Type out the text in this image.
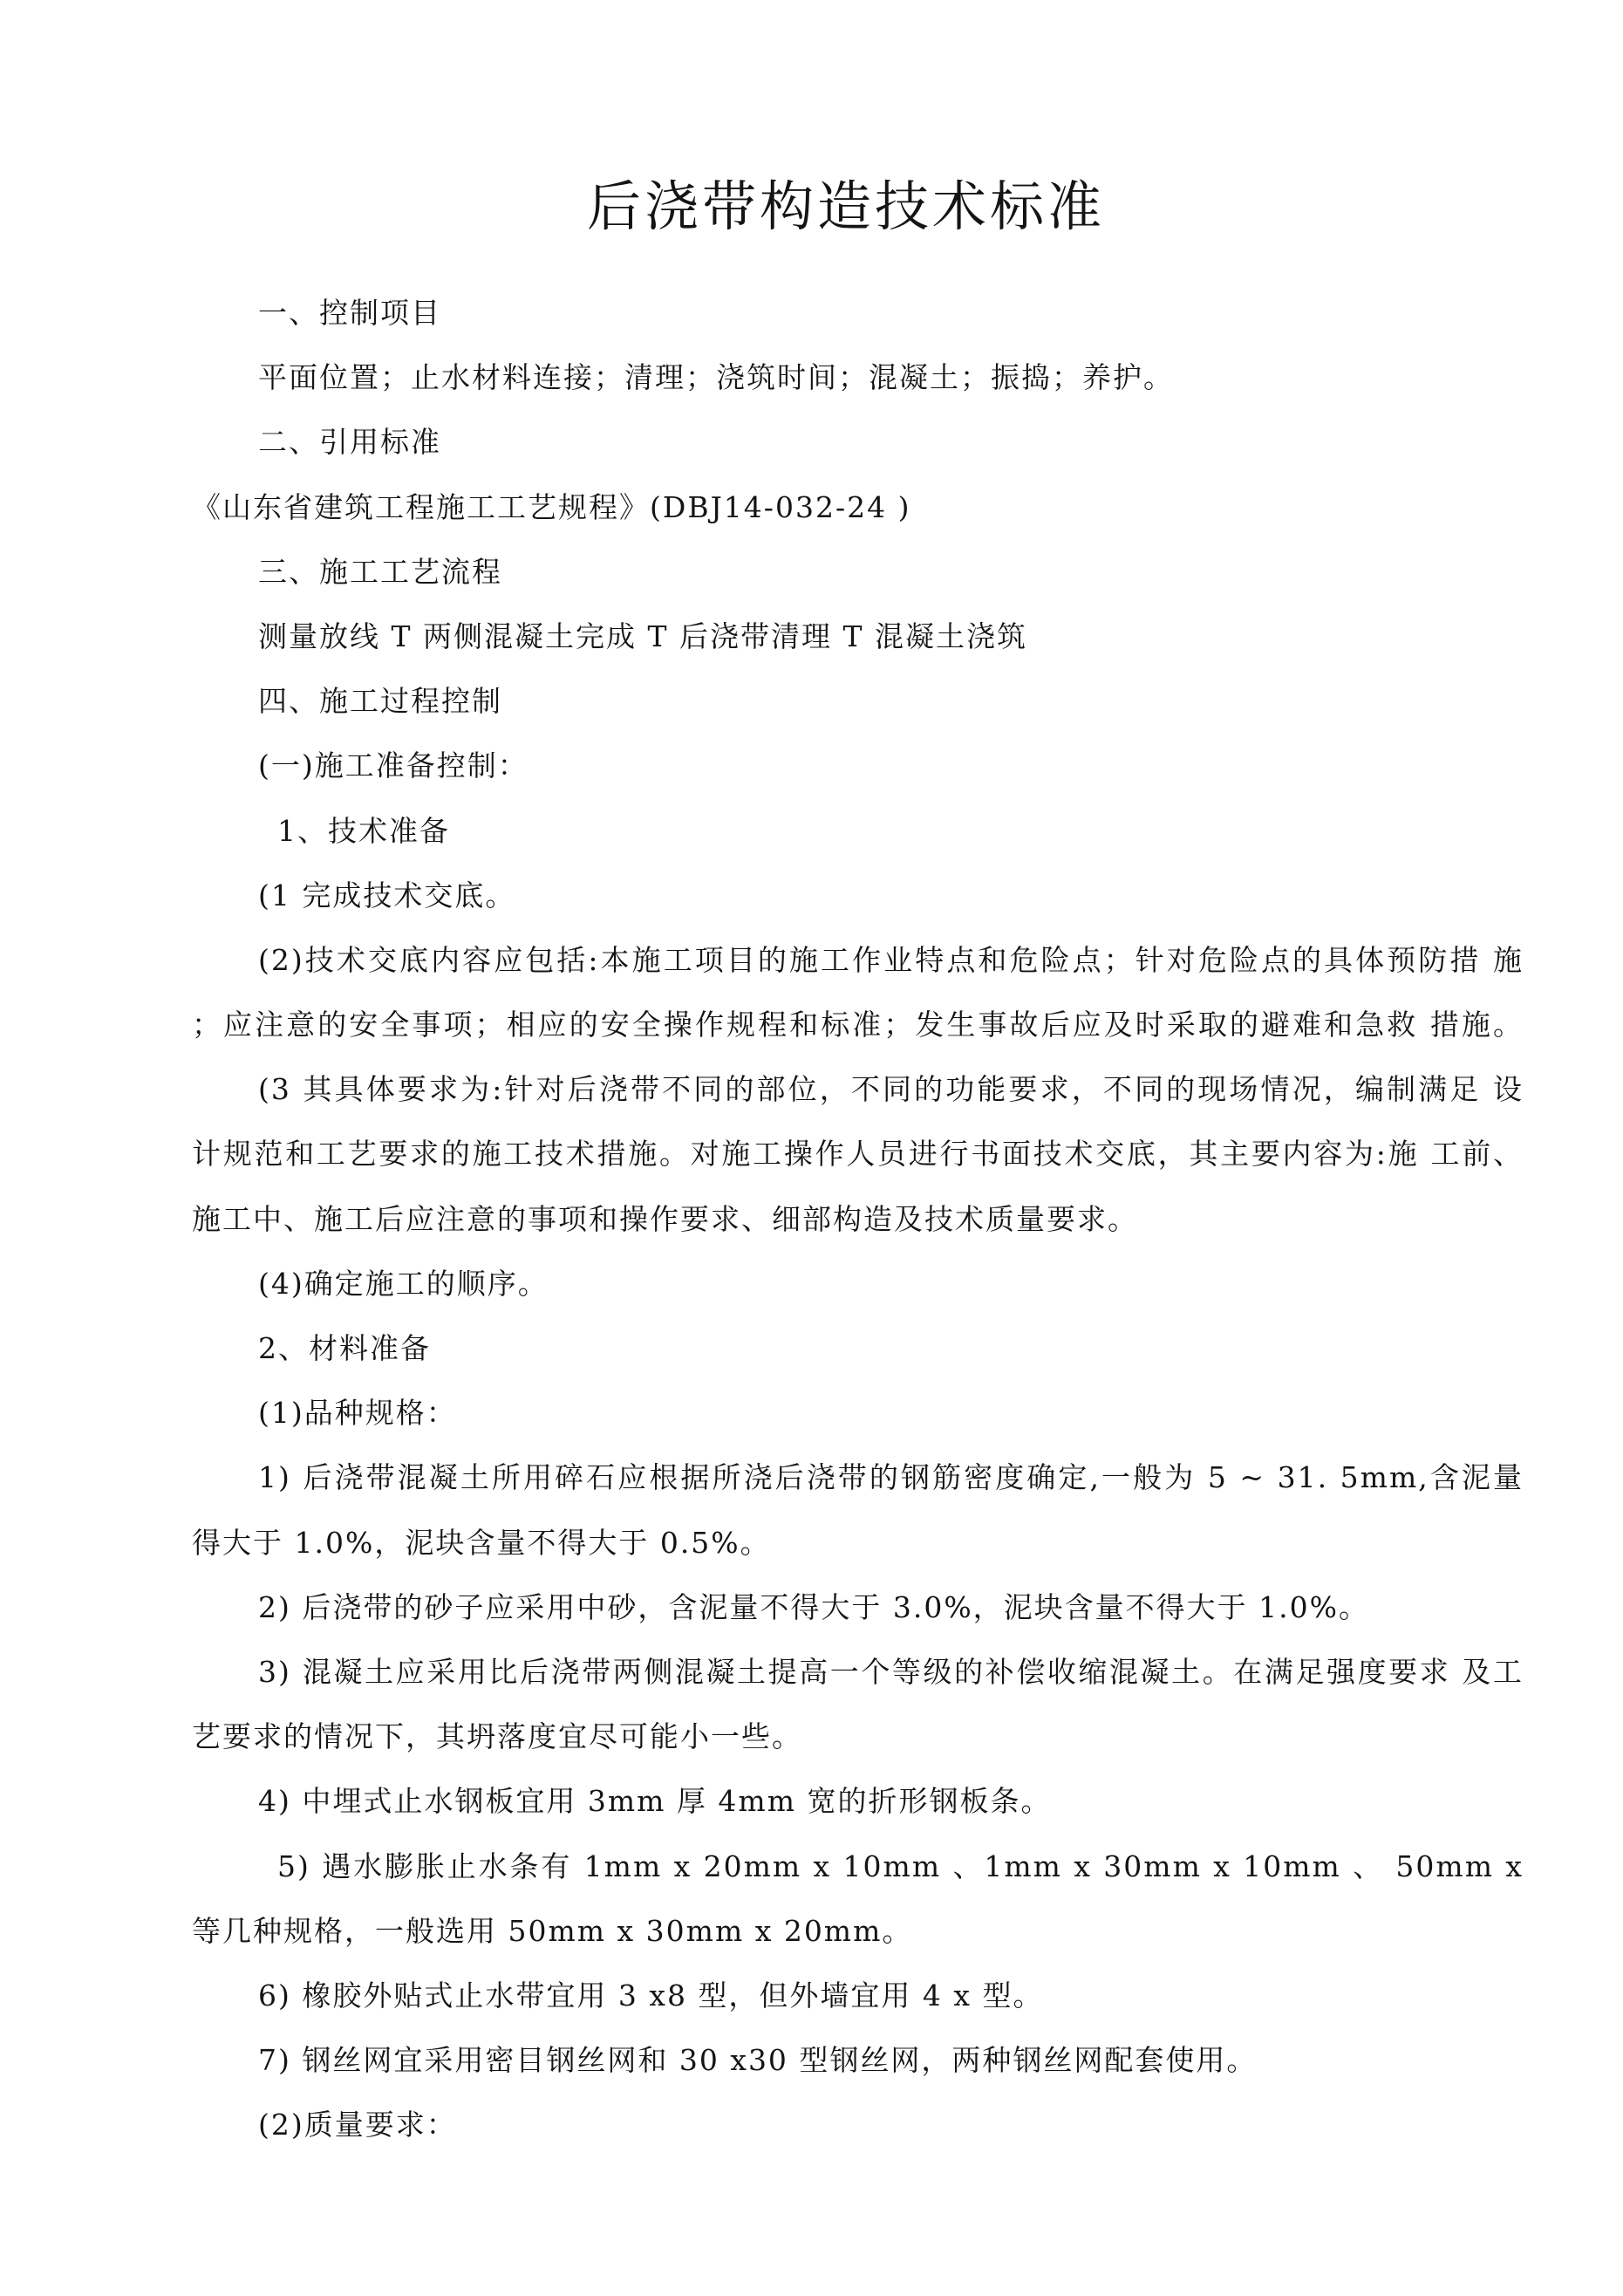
后浇带构造技术标准
一、控制项目
平面位置；止水材料连接；清理；浇筑时间；混凝土；振捣；养护。
二、引用标准
《山东省建筑工程施工工艺规程》(DBJ14-032-24 )
三、施工工艺流程
测量放线 T 两侧混凝土完成 T 后浇带清理 T 混凝土浇筑
四、施工过程控制
(一)施工准备控制：
1、技术准备
(1 完成技术交底。
(2)技术交底内容应包括:本施工项目的施工作业特点和危险点；针对危险点的具体预防措 施
；应注意的安全事项；相应的安全操作规程和标准；发生事故后应及时采取的避难和急救 措施。
(3 其具体要求为:针对后浇带不同的部位，不同的功能要求，不同的现场情况，编制满足 设
计规范和工艺要求的施工技术措施。对施工操作人员进行书面技术交底，其主要内容为:施 工前、
施工中、施工后应注意的事项和操作要求、细部构造及技术质量要求。
(4)确定施工的顺序。
2、材料准备
(1)品种规格：
1) 后浇带混凝土所用碎石应根据所浇后浇带的钢筋密度确定,一般为 5 ~ 31. 5mm,含泥量
得大于 1.0%，泥块含量不得大于 0.5%。
2) 后浇带的砂子应采用中砂，含泥量不得大于 3.0%，泥块含量不得大于 1.0%。
3) 混凝土应采用比后浇带两侧混凝土提高一个等级的补偿收缩混凝土。在满足强度要求 及工
艺要求的情况下，其坍落度宜尽可能小一些。
4) 中埋式止水钢板宜用 3mm 厚 4mm 宽的折形钢板条。
5) 遇水膨胀止水条有 1mm x 20mm x 10mm 、1mm x 30mm x 10mm 、 50mm x
等几种规格，一般选用 50mm x 30mm x 20mm。
6) 橡胶外贴式止水带宜用 3 x8 型，但外墙宜用 4 x 型。
7) 钢丝网宜采用密目钢丝网和 30 x30 型钢丝网，两种钢丝网配套使用。
(2)质量要求：
